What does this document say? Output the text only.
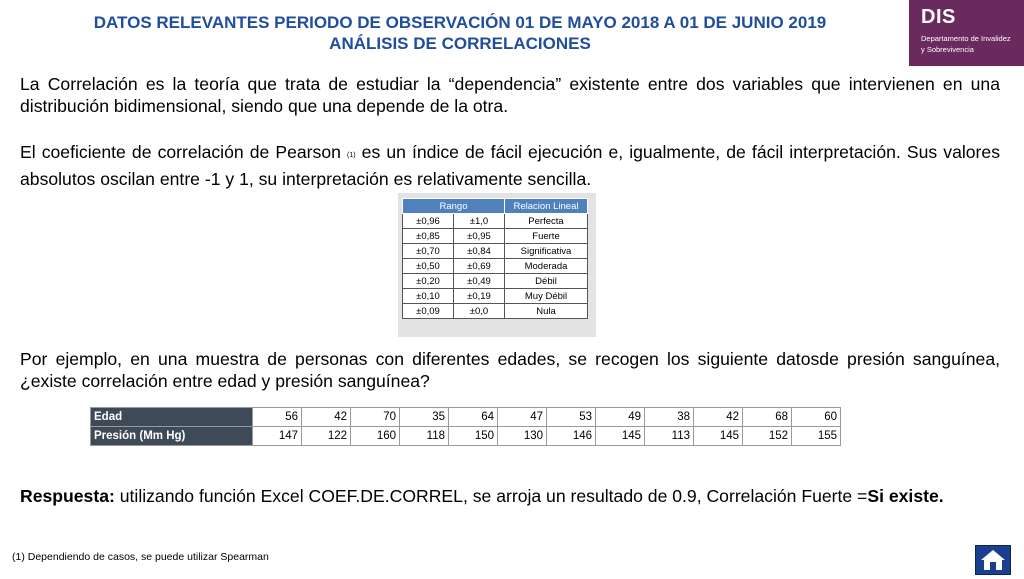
DATOS RELEVANTES PERIODO DE OBSERVACIÓN 01 DE MAYO 2018 A 01 DE JUNIO 2019
ANÁLISIS DE CORRELACIONES
DIS
Departamento de Invalidez
y Sobrevivencia
La Correlación es la teoría que trata de estudiar la “dependencia” existente entre dos variables que intervienen en una distribución bidimensional, siendo que una depende de la otra.
El coeficiente de correlación de Pearson $^{(1)}$ es un índice de fácil ejecución e, igualmente, de fácil interpretación. Sus valores absolutos oscilan entre -1 y 1, su interpretación es relativamente sencilla.
Rango		Relacion Lineal
±0,96	±1,0	Perfecta
±0,85	±0,95	Fuerte
±0,70	±0,84	Significativa
±0,50	±0,69	Moderada
±0,20	±0,49	Débil
±0,10	±0,19	Muy Débil
±0,09	±0,0	Nula
Por ejemplo, en una muestra de personas con diferentes edades, se recogen los siguiente datosde presión sanguínea, ¿existe correlación entre edad y presión sanguínea?
Edad	56	42	70	35	64	47	53	49	38	42	68	60
Presión (Mm Hg)	147	122	160	118	150	130	146	145	113	145	152	155
Respuesta: utilizando función Excel COEF.DE.CORREL, se arroja un resultado de 0.9, Correlación Fuerte =Si existe.
(1) Dependiendo de casos, se puede utilizar Spearman
